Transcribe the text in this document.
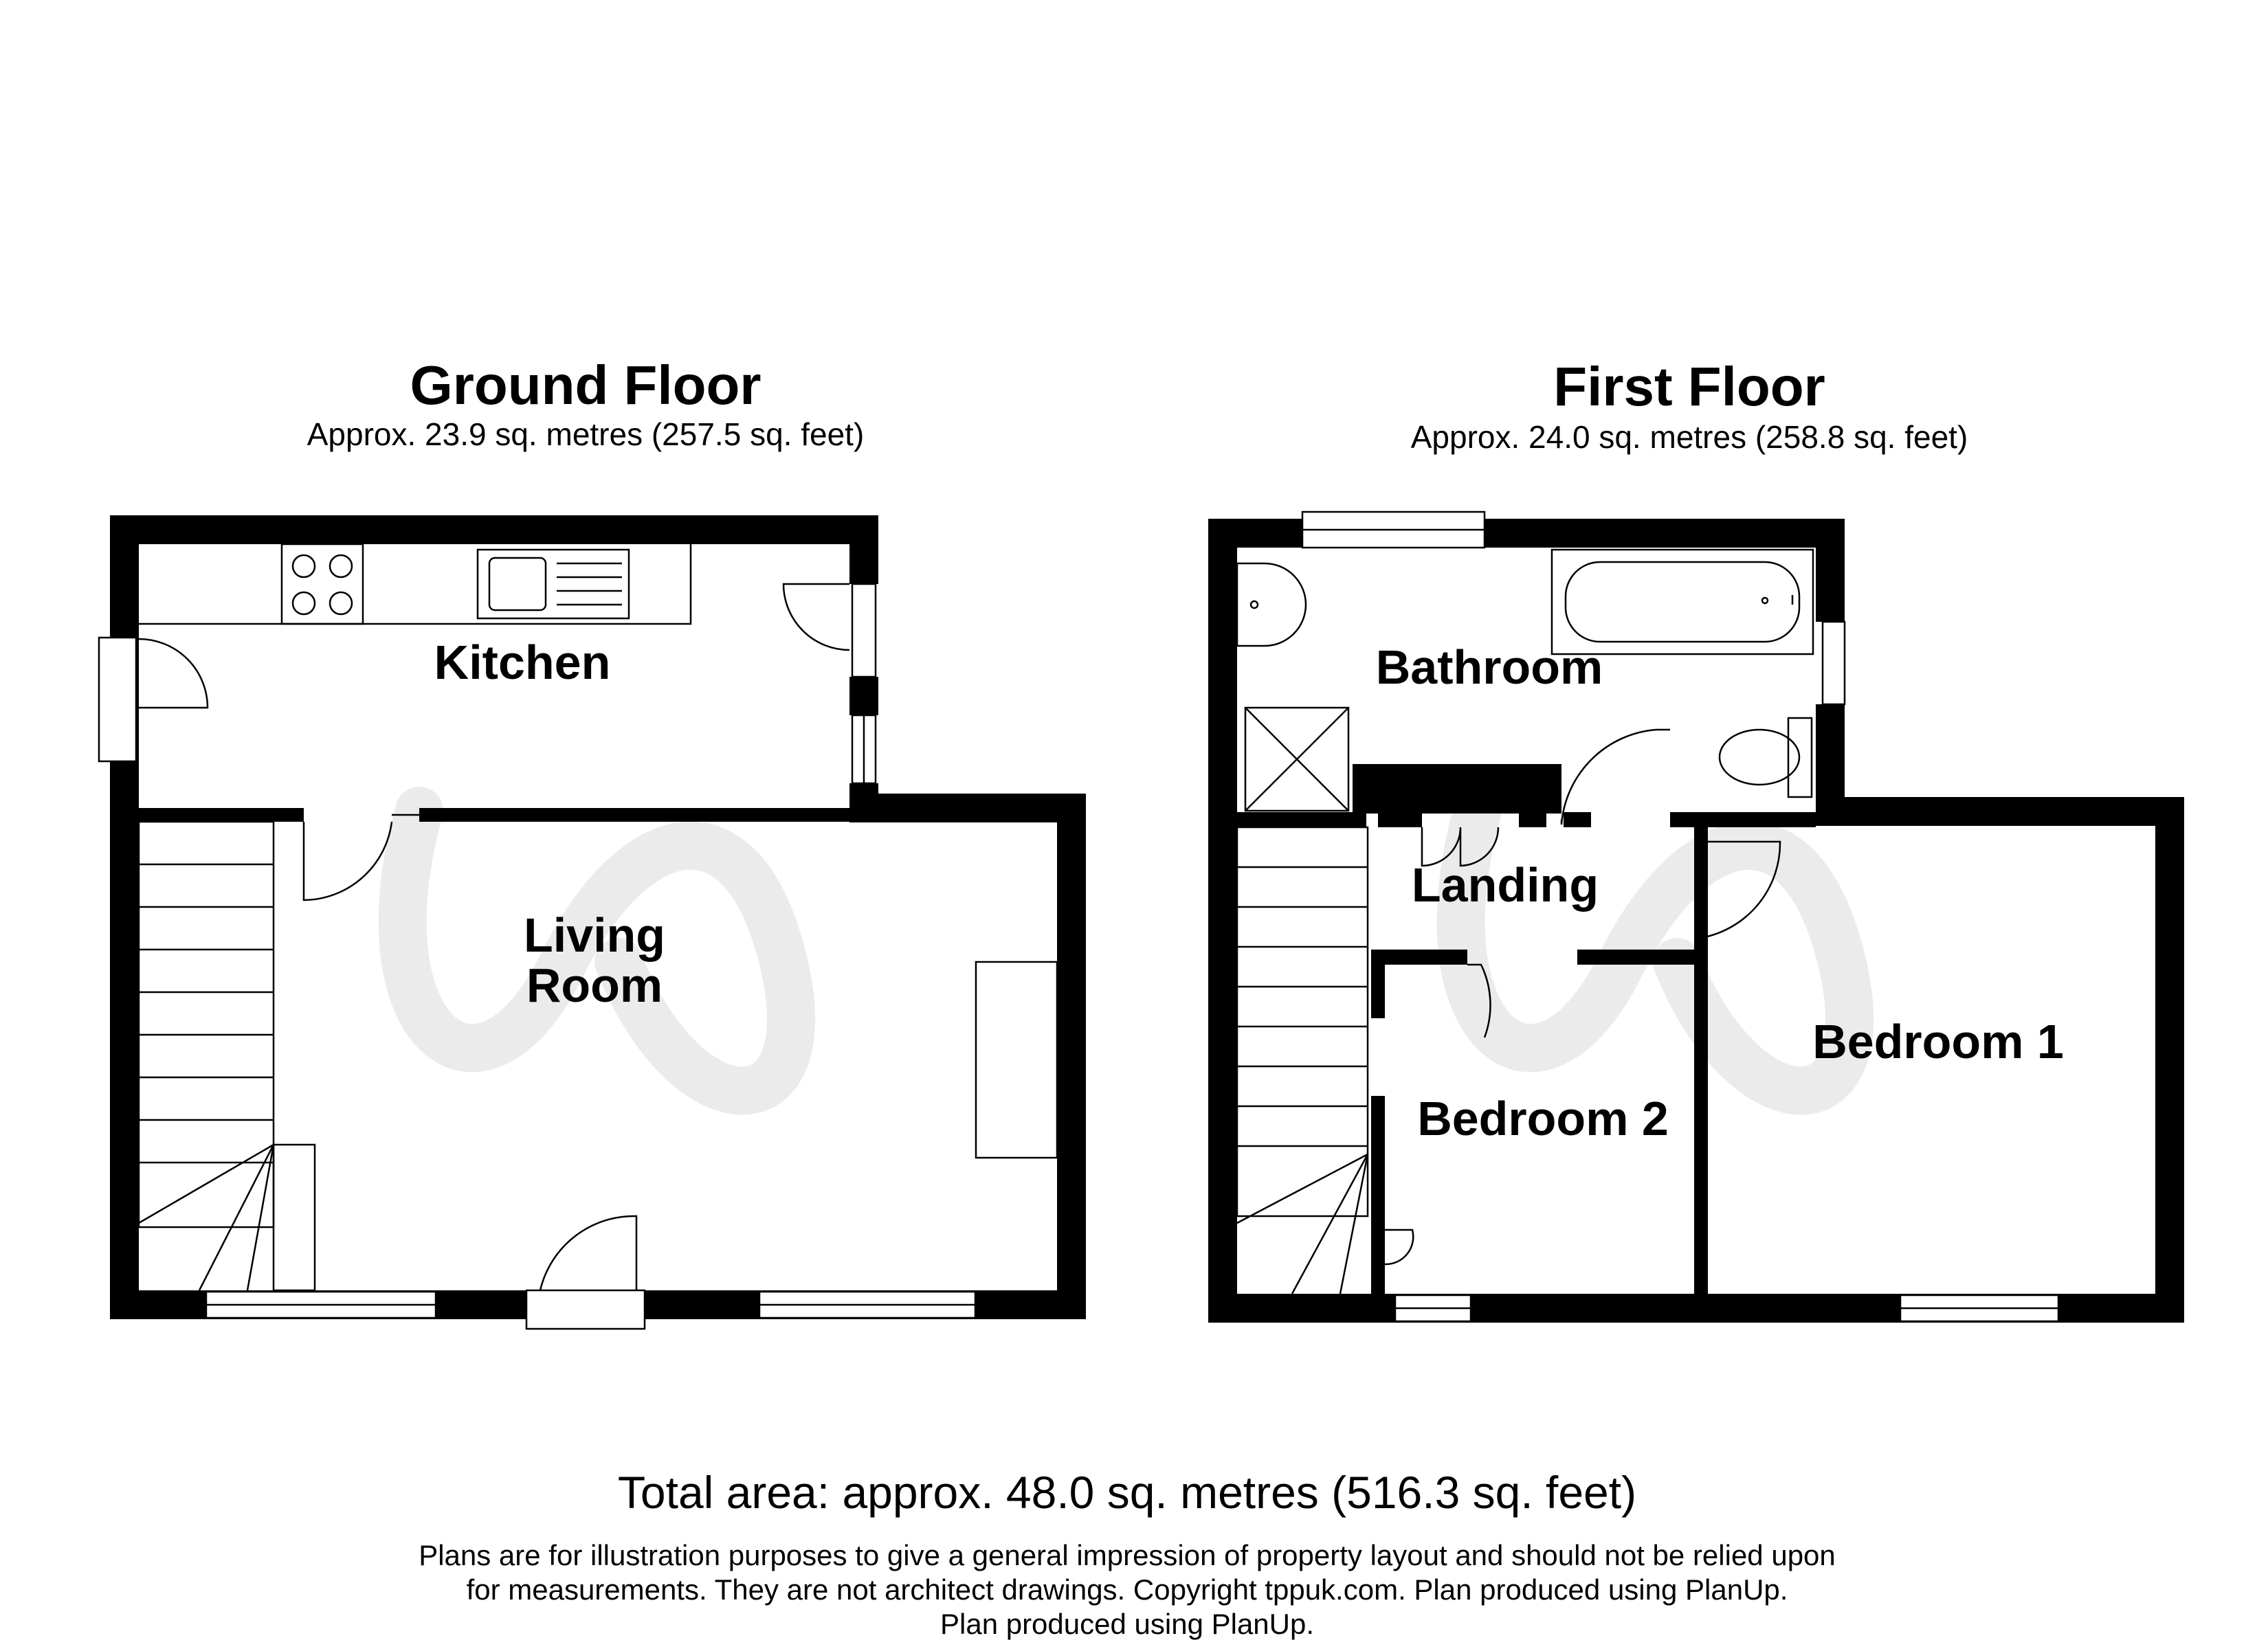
Kitchen
Living
Room
Bathroom
Landing
Bedroom 1
Bedroom 2
Ground Floor
Approx. 23.9 sq. metres (257.5 sq. feet)
First Floor
Approx. 24.0 sq. metres (258.8 sq. feet)
Total area: approx. 48.0 sq. metres (516.3 sq. feet)
Plans are for illustration purposes to give a general impression of property layout and should not be relied upon
for measurements. They are not architect drawings. Copyright tppuk.com. Plan produced using PlanUp.
Plan produced using PlanUp.
